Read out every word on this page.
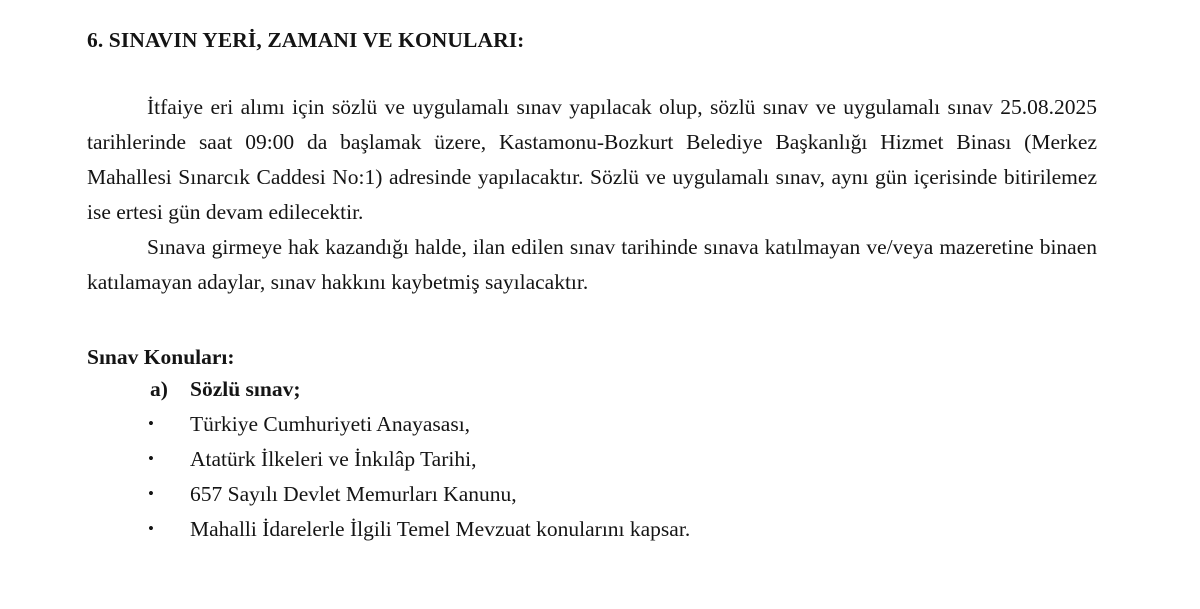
6. SINAVIN YERİ, ZAMANI VE KONULARI:

İtfaiye eri alımı için sözlü ve uygulamalı sınav yapılacak olup, sözlü sınav ve uygulamalı sınav 25.08.2025 tarihlerinde saat 09:00 da başlamak üzere, Kastamonu-Bozkurt Belediye Başkanlığı Hizmet Binası (Merkez Mahallesi Sınarcık Caddesi No:1) adresinde yapılacaktır. Sözlü ve uygulamalı sınav, aynı gün içerisinde bitirilemez ise ertesi gün devam edilecektir.

Sınava girmeye hak kazandığı halde, ilan edilen sınav tarihinde sınava katılmayan ve/veya mazeretine binaen katılamayan adaylar, sınav hakkını kaybetmiş sayılacaktır.

Sınav Konuları:
a)	Sözlü sınav;
•	Türkiye Cumhuriyeti Anayasası,
•	Atatürk İlkeleri ve İnkılâp Tarihi,
•	657 Sayılı Devlet Memurları Kanunu,
•	Mahalli İdarelerle İlgili Temel Mevzuat konularını kapsar.
